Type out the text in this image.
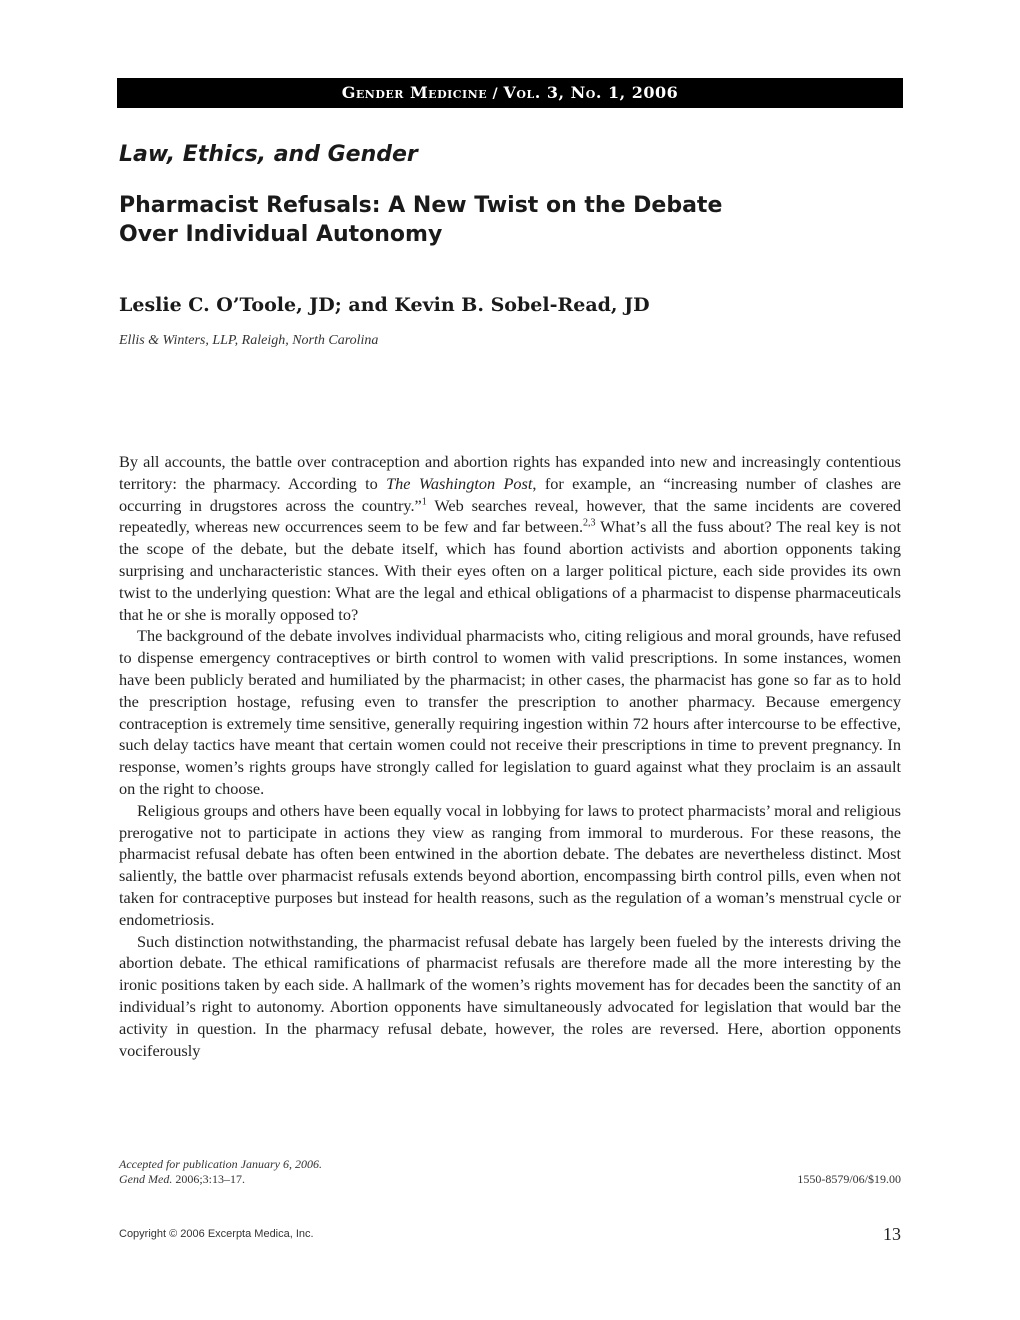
Gender Medicine / Vol. 3, No. 1, 2006
Law, Ethics, and Gender
Pharmacist Refusals: A New Twist on the Debate
Over Individual Autonomy
Leslie C. O’Toole, JD; and Kevin B. Sobel-Read, JD
Ellis & Winters, LLP, Raleigh, North Carolina

By all accounts, the battle over contraception and abortion rights has expanded into new and increasingly contentious territory: the pharmacy. According to The Washington Post, for example, an “increasing number of clashes are occurring in drugstores across the country.”$^1$ Web searches reveal, however, that the same incidents are covered repeatedly, whereas new occurrences seem to be few and far between.$^{2,3}$ What’s all the fuss about? The real key is not the scope of the debate, but the debate itself, which has found abortion activists and abortion opponents taking surprising and uncharacteristic stances. With their eyes often on a larger political picture, each side provides its own twist to the underlying question: What are the legal and ethical obligations of a pharmacist to dispense pharmaceuticals that he or she is morally opposed to?

The background of the debate involves individual pharmacists who, citing religious and moral grounds, have refused to dispense emergency contraceptives or birth control to women with valid prescriptions. In some instances, women have been publicly berated and humiliated by the pharmacist; in other cases, the pharmacist has gone so far as to hold the prescription hostage, refusing even to transfer the prescription to another pharmacy. Because emergency contraception is extremely time sensitive, generally requiring ingestion within 72 hours after intercourse to be effective, such delay tactics have meant that certain women could not receive their prescriptions in time to prevent pregnancy. In response, women’s rights groups have strongly called for legislation to guard against what they proclaim is an assault on the right to choose.

Religious groups and others have been equally vocal in lobbying for laws to protect pharmacists’ moral and religious prerogative not to participate in actions they view as ranging from immoral to murderous. For these reasons, the pharmacist refusal debate has often been entwined in the abortion debate. The debates are nevertheless distinct. Most saliently, the battle over pharmacist refusals extends beyond abortion, encompassing birth control pills, even when not taken for contraceptive purposes but instead for health reasons, such as the regulation of a woman’s menstrual cycle or endometriosis.

Such distinction notwithstanding, the pharmacist refusal debate has largely been fueled by the interests driving the abortion debate. The ethical ramifications of pharmacist refusals are therefore made all the more interesting by the ironic positions taken by each side. A hallmark of the women’s rights movement has for decades been the sanctity of an individual’s right to autonomy. Abortion opponents have simultaneously advocated for legislation that would bar the activity in question. In the pharmacy refusal debate, however, the roles are reversed. Here, abortion opponents vociferously

Accepted for publication January 6, 2006.
Gend Med. 2006;3:13–17.	1550-8579/06/$19.00
Copyright © 2006 Excerpta Medica, Inc.	13
